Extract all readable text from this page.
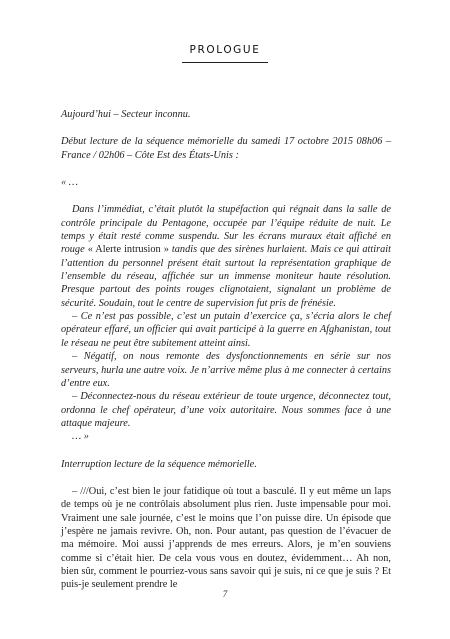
PROLOGUE

Aujourd’hui – Secteur inconnu.

Début lecture de la séquence mémorielle du samedi 17 octobre 2015 08h06 – France / 02h06 – Côte Est des États-Unis :

« …

Dans l’immédiat, c’était plutôt la stupéfaction qui régnait dans la salle de contrôle principale du Pentagone, occupée par l’équipe réduite de nuit. Le temps y était resté comme suspendu. Sur les écrans muraux était affiché en rouge « Alerte intrusion » tandis que des sirènes hurlaient. Mais ce qui attirait l’attention du personnel présent était surtout la représentation graphique de l’ensemble du réseau, affichée sur un immense moniteur haute résolution. Presque partout des points rouges clignotaient, signalant un problème de sécurité. Soudain, tout le centre de supervision fut pris de frénésie.

– Ce n’est pas possible, c’est un putain d’exercice ça, s’écria alors le chef opérateur effaré, un officier qui avait participé à la guerre en Afghanistan, tout le réseau ne peut être subitement atteint ainsi.

– Négatif, on nous remonte des dysfonctionnements en série sur nos serveurs, hurla une autre voix. Je n’arrive même plus à me connecter à certains d’entre eux.

– Déconnectez-nous du réseau extérieur de toute urgence, déconnectez tout, ordonna le chef opérateur, d’une voix autoritaire. Nous sommes face à une attaque majeure.

… »

Interruption lecture de la séquence mémorielle.

– ///Oui, c’est bien le jour fatidique où tout a basculé. Il y eut même un laps de temps où je ne contrôlais absolument plus rien. Juste impensable pour moi. Vraiment une sale journée, c’est le moins que l’on puisse dire. Un épisode que j’espère ne jamais revivre. Oh, non. Pour autant, pas question de l’évacuer de ma mémoire. Moi aussi j’apprends de mes erreurs. Alors, je m’en souviens comme si c’était hier. De cela vous vous en doutez, évidemment… Ah non, bien sûr, comment le pourriez-vous sans savoir qui je suis, ni ce que je suis ? Et puis-je seulement prendre le

7
